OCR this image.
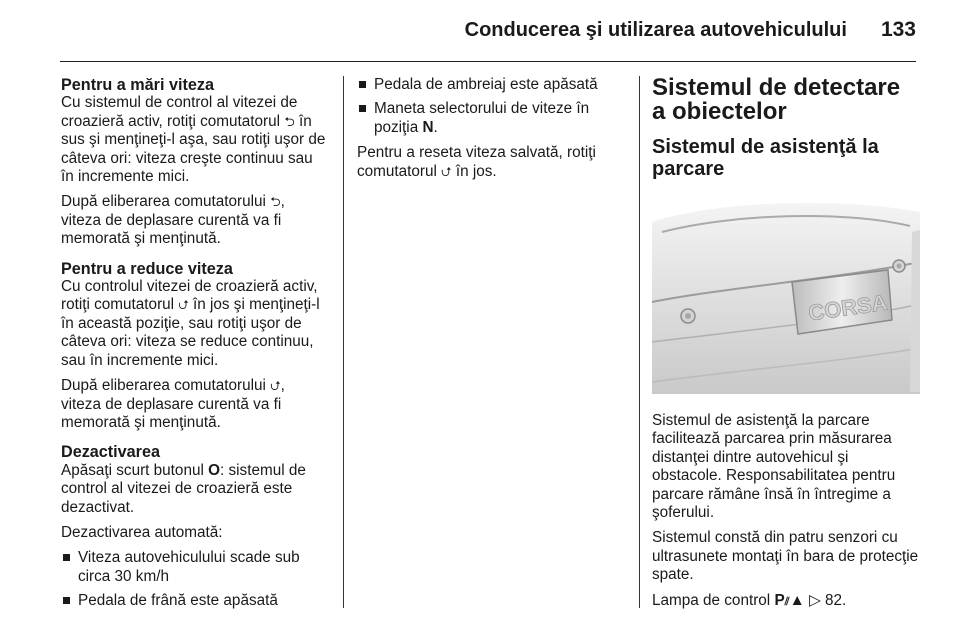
Conducerea şi utilizarea autovehiculului 133
Pentru a mări viteza

Cu sistemul de control al vitezei de croazieră activ, rotiţi comutatorul ⮌ în sus şi menţineţi-l aşa, sau rotiţi uşor de câteva ori: viteza creşte continuu sau în incremente mici.

După eliberarea comutatorului ⮌, viteza de deplasare curentă va fi memorată şi menţinută.

Pentru a reduce viteza

Cu controlul vitezei de croazieră activ, rotiţi comutatorul ⮍ în jos şi menţineţi-l în această poziţie, sau rotiţi uşor de câteva ori: viteza se reduce continuu, sau în incremente mici.

După eliberarea comutatorului ⮍, viteza de deplasare curentă va fi memorată şi menţinută.

Dezactivarea

Apăsaţi scurt butonul O: sistemul de control al vitezei de croazieră este dezactivat.

Dezactivarea automată:

Viteza autovehiculului scade sub circa 30 km/h
Pedala de frână este apăsată
Pedala de ambreiaj este apăsată
Maneta selectorului de viteze în poziţia N.

Pentru a reseta viteza salvată, rotiţi comutatorul ⮍ în jos.

Sistemul de detectare a obiectelor
Sistemul de asistenţă la parcare
CORSA

Sistemul de asistenţă la parcare facilitează parcarea prin măsurarea distanţei dintre autovehicul şi obstacole. Responsabilitatea pentru parcare rămâne însă în întregime a şoferului.

Sistemul constă din patru senzori cu ultrasunete montaţi în bara de protecţie spate.

Lampa de control P⫽▲ ▷ 82.
